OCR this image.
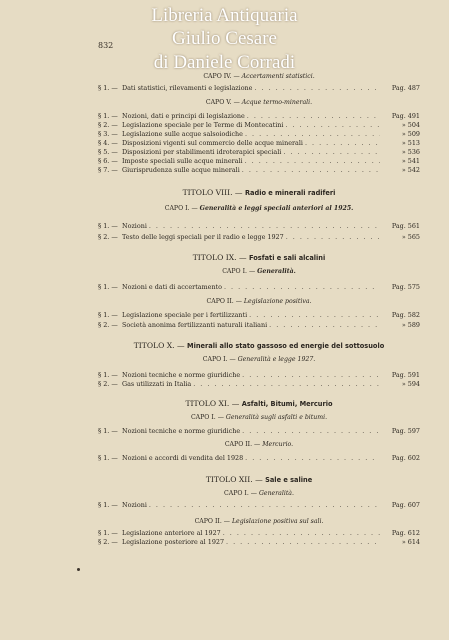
Libreria Antiquaria
Giulio Cesare
di Daniele Corradi
832
CAPO IV. — Accertamenti statistici.
§ 1. — Dati statistici, rilevamenti e legislazione . . .	Pag. 487
CAPO V. — Acque termo-minerali.
§ 1. — Nozioni, dati e principi di legislazione . . .	Pag. 491
§ 2. — Legislazione speciale per le Terme di Montecatini . . .	» 504
§ 3. — Legislazione sulle acque salsoiodiche . . .	» 509
§ 4. — Disposizioni vigenti sul commercio delle acque minerali . . .	» 513
§ 5. — Disposizioni per stabilimenti idroterapici speciali . . .	» 536
§ 6. — Imposte speciali sulle acque minerali . . .	» 541
§ 7. — Giurisprudenza sulle acque minerali . . .	» 542
TITOLO VIII. — Radio e minerali radiferi
CAPO I. — Generalità e leggi speciali anteriori al 1925.
§ 1. — Nozioni . . .	Pag. 561
§ 2. — Testo delle leggi speciali per il radio e legge 1927 . . .	» 565
TITOLO IX. — Fosfati e sali alcalini
CAPO I. — Generalità.
§ 1. — Nozioni e dati di accertamento . . .	Pag. 575
CAPO II. — Legislazione positiva.
§ 1. — Legislazione speciale per i fertilizzanti . . .	Pag. 582
§ 2. — Società anonima fertilizzanti naturali italiani . . .	» 589
TITOLO X. — Minerali allo stato gassoso ed energie del sottosuolo
CAPO I. — Generalità e legge 1927.
§ 1. — Nozioni tecniche e norme giuridiche . . .	Pag. 591
§ 2. — Gas utilizzati in Italia . . .	» 594
TITOLO XI. — Asfalti, Bitumi, Mercurio
CAPO I. — Generalità sugli asfalti e bitumi.
§ 1. — Nozioni tecniche e norme giuridiche . . .	Pag. 597
CAPO II. — Mercurio.
§ 1. — Nozioni e accordi di vendita del 1928 . . .	Pag. 602
TITOLO XII. — Sale e saline
CAPO I. — Generalità.
§ 1. — Nozioni . . .	Pag. 607
CAPO II. — Legislazione positiva sul sali.
§ 1. — Legislazione anteriore al 1927 . . .	Pag. 612
§ 2. — Legislazione posteriore al 1927 . . .	» 614
